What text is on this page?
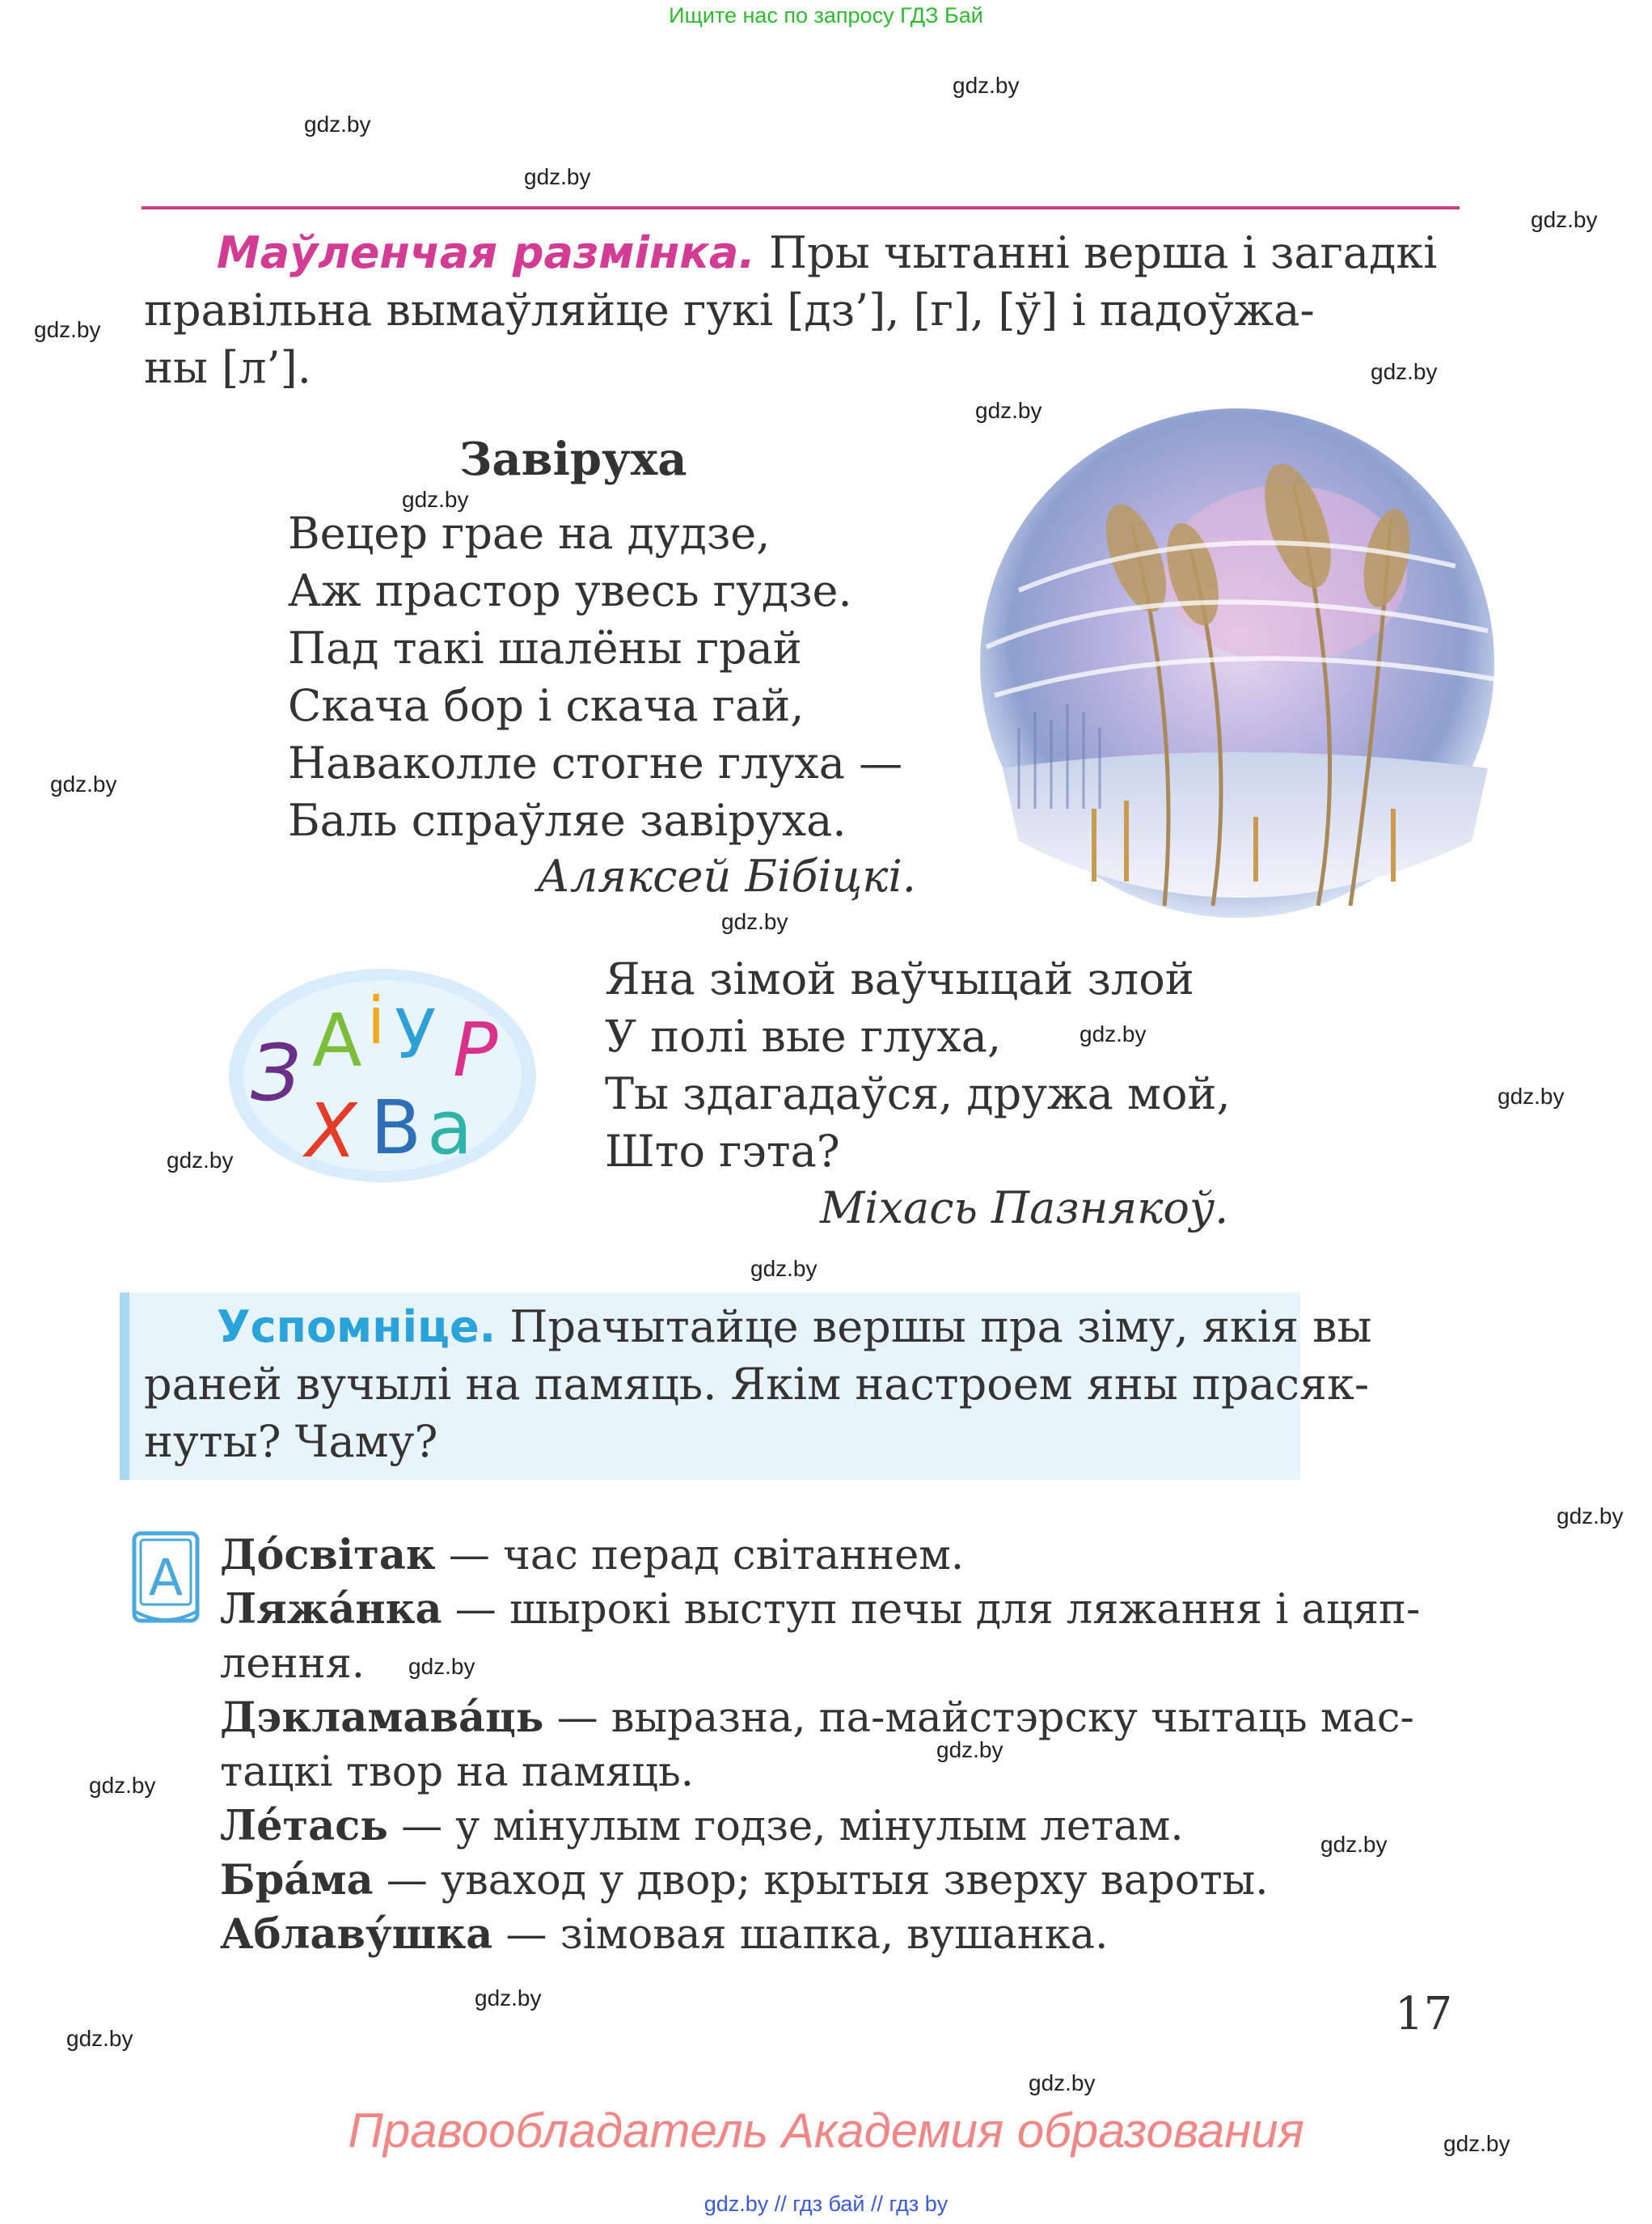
Ищите нас по запросу ГДЗ Бай
gdz.by
gdz.by
gdz.by
gdz.by
gdz.by
gdz.by
gdz.by
gdz.by
gdz.by
gdz.by
gdz.by
gdz.by
gdz.by
gdz.by
gdz.by
gdz.by
gdz.by
gdz.by
gdz.by
gdz.by
gdz.by
gdz.by
gdz.by
Маўленчая размінка. Пры чытанні верша і загадкі
правільна вымаўляйце гукі [дз’], [г], [ў] і падоўжа-
ны [л’].
Завіруха
Вецер грае на дудзе,
Аж прастор увесь гудзе.
Пад такі шалёны грай
Скача бор і скача гай,
Наваколле стогне глуха —
Баль спраўляе завіруха.
Аляксей Бібіцкі.
З А і У Р
Х В а
Яна зімой ваўчыцай злой
У полі вые глуха,
Ты здагадаўся, дружа мой,
Што гэта?
Міхась Пазнякоў.
Успомніце. Прачытайце вершы пра зіму, якія вы
раней вучылі на памяць. Якім настроем яны прасяк-
нуты? Чаму?
А До́світак — час перад світаннем.
Ляжа́нка — шырокі выступ печы для ляжання і ацяп-
лення.
Дэкламава́ць — выразна, па-майстэрску чытаць мас-
тацкі твор на памяць.
Ле́тась — у мінулым годзе, мінулым летам.
Бра́ма — уваход у двор; крытыя зверху вароты.
Аблаву́шка — зімовая шапка, вушанка.
17
Правообладатель Академия образования
gdz.by // гдз бай // гдз by
